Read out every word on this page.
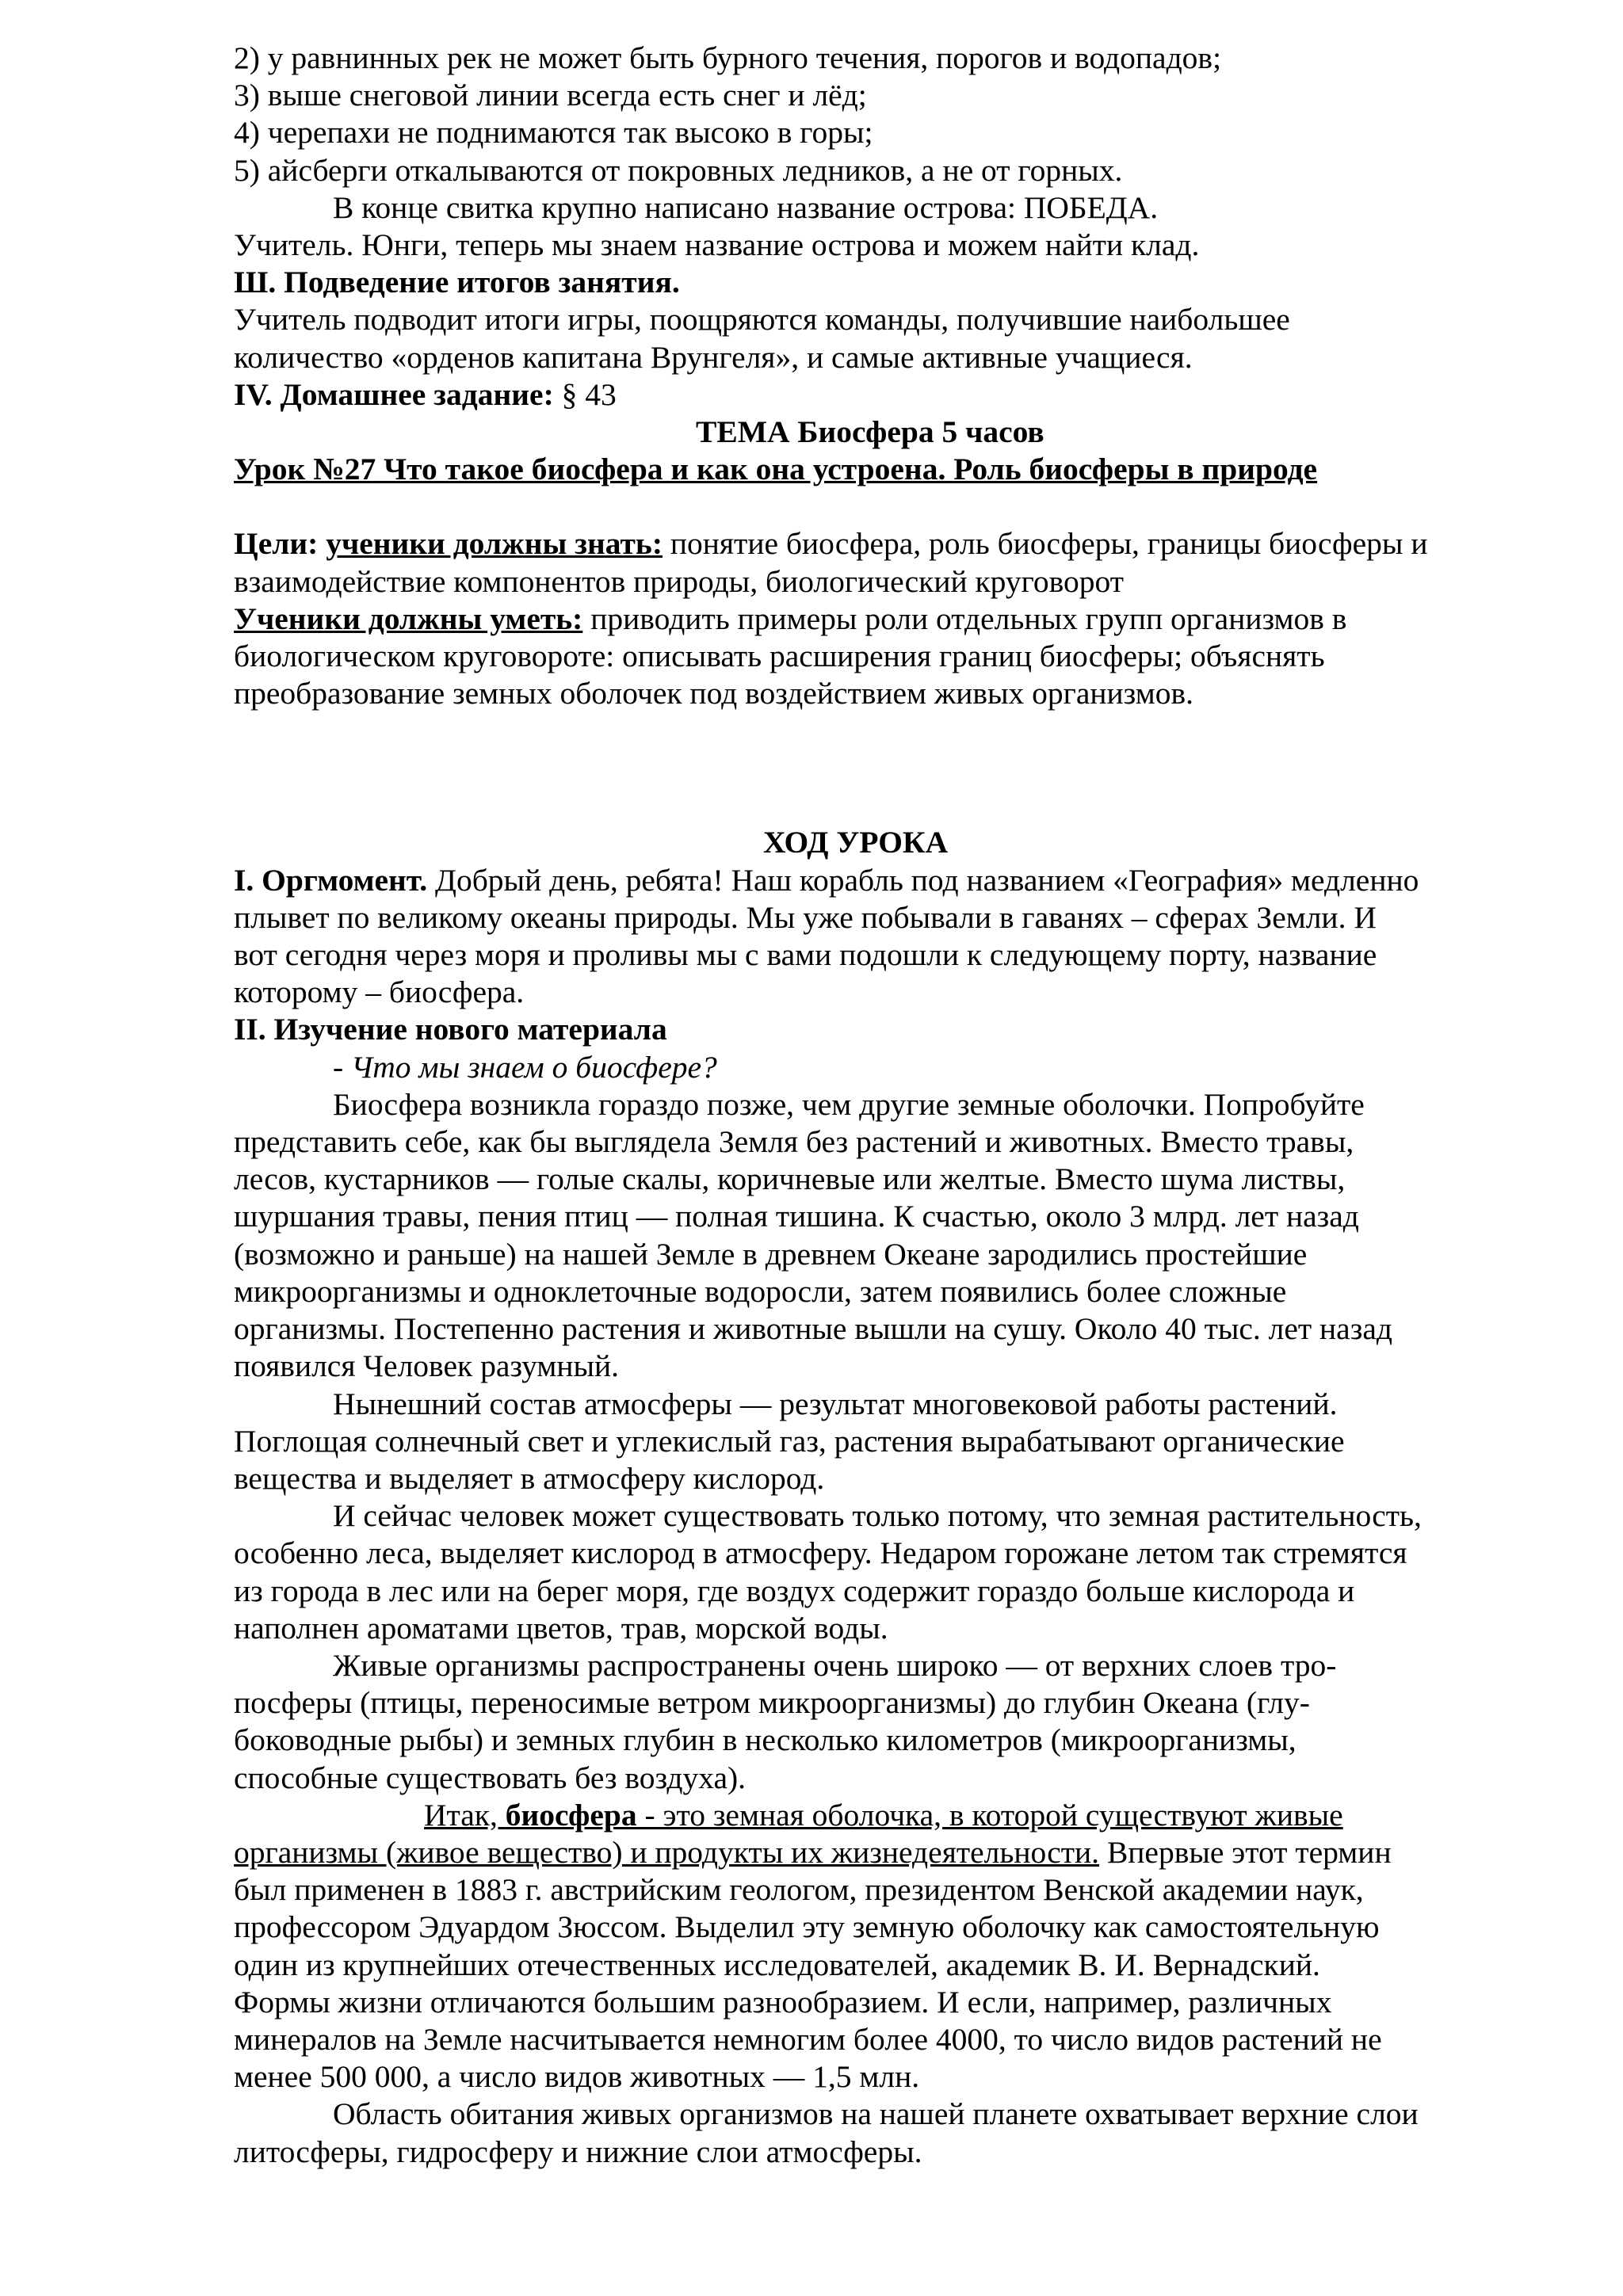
2) у равнинных рек не может быть бурного течения, порогов и водопадов;
3) выше снеговой линии всегда есть снег и лёд;
4) черепахи не поднимаются так высоко в горы;
5) айсберги откалываются от покровных ледников, а не от горных.
В конце свитка крупно написано название острова: ПОБЕДА.
Учитель. Юнги, теперь мы знаем название острова и можем найти клад.
Ш. Подведение итогов занятия.
Учитель подводит итоги игры, поощряются команды, получившие наибольшее
количество «орденов капитана Врунгеля», и самые активные учащиеся.
IV. Домашнее задание: § 43
ТЕМА Биосфера 5 часов
Урок №27 Что такое биосфера и как она устроена. Роль биосферы в природе
Цели: ученики должны знать: понятие биосфера, роль биосферы, границы биосферы и
взаимодействие компонентов природы, биологический круговорот
Ученики должны уметь: приводить примеры роли отдельных групп организмов в
биологическом круговороте: описывать расширения границ биосферы; объяснять
преобразование земных оболочек под воздействием живых организмов.
ХОД УРОКА
I. Оргмомент. Добрый день, ребята! Наш корабль под названием «География» медленно
плывет по великому океаны природы. Мы уже побывали в гаванях – сферах Земли. И
вот сегодня через моря и проливы мы с вами подошли к следующему порту, название
которому – биосфера.
II. Изучение нового материала
- Что мы знаем о биосфере?
Биосфера возникла гораздо позже, чем другие земные оболочки. Попробуйте
представить себе, как бы выглядела Земля без растений и животных. Вместо травы,
лесов, кустарников — голые скалы, коричневые или желтые. Вместо шума листвы,
шуршания травы, пения птиц — полная тишина. К счастью, около 3 млрд. лет назад
(возможно и раньше) на нашей Земле в древнем Океане зародились простейшие
микроорганизмы и одноклеточные водоросли, затем появились более сложные
организмы. Постепенно растения и животные вышли на сушу. Около 40 тыс. лет назад
появился Человек разумный.
Нынешний состав атмосферы — результат многовековой работы растений.
Поглощая солнечный свет и углекислый газ, растения вырабатывают органические
вещества и выделяет в атмосферу кислород.
И сейчас человек может существовать только потому, что земная растительность,
особенно леса, выделяет кислород в атмосферу. Недаром горожане летом так стремятся
из города в лес или на берег моря, где воздух содержит гораздо больше кислорода и
наполнен ароматами цветов, трав, морской воды.
Живые организмы распространены очень широко — от верхних слоев тро-
посферы (птицы, переносимые ветром микроорганизмы) до глубин Океана (глу-
боководные рыбы) и земных глубин в несколько километров (микроорганизмы,
способные существовать без воздуха).
Итак, биосфера - это земная оболочка, в которой существуют живые
организмы (живое вещество) и продукты их жизнедеятельности. Впервые этот термин
был применен в 1883 г. австрийским геологом, президентом Венской академии наук,
профессором Эдуардом Зюссом. Выделил эту земную оболочку как самостоятельную
один из крупнейших отечественных исследователей, академик В. И. Вернадский.
Формы жизни отличаются большим разнообразием. И если, например, различных
минералов на Земле насчитывается немногим более 4000, то число видов растений не
менее 500 000, а число видов животных — 1,5 млн.
Область обитания живых организмов на нашей планете охватывает верхние слои
литосферы, гидросферу и нижние слои атмосферы.
